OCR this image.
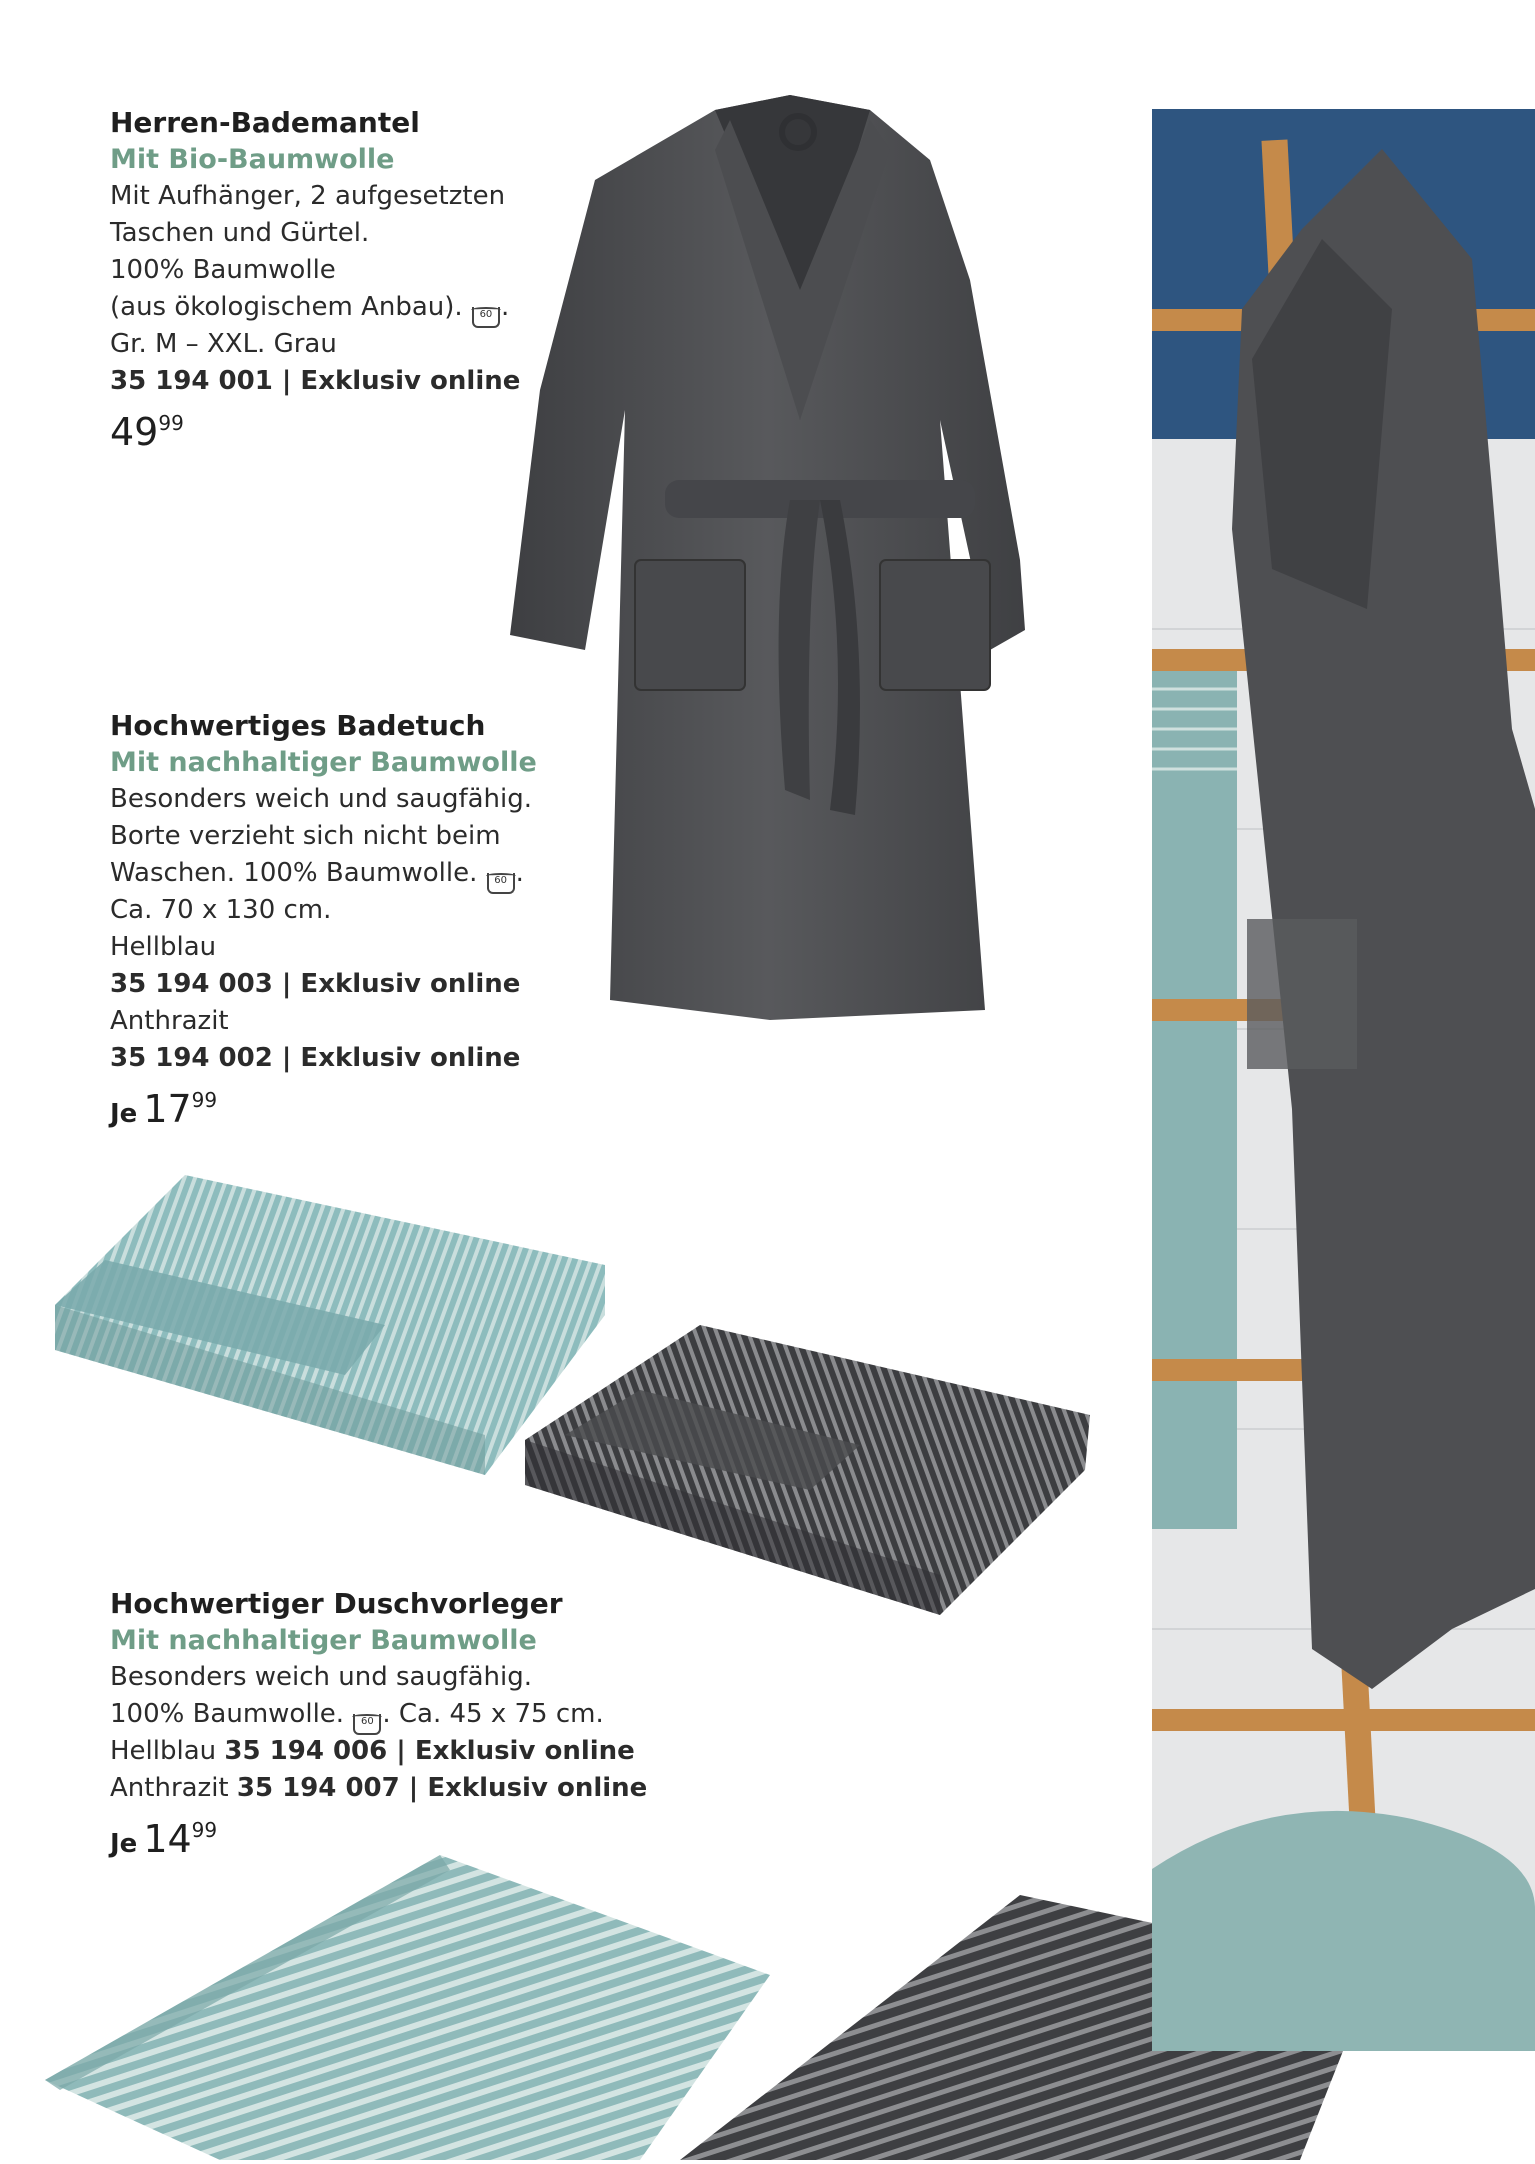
Herren-Bademantel
Mit Bio-Baumwolle
Mit Aufhänger, 2 aufgesetzten
Taschen und Gürtel.
100% Baumwolle
(aus ökologischem Anbau). 60 .
Gr. M – XXL. Grau
35 194 001 | Exklusiv online
4999
Hochwertiges Badetuch
Mit nachhaltiger Baumwolle
Besonders weich und saugfähig.
Borte verzieht sich nicht beim
Waschen. 100% Baumwolle. 60 .
Ca. 70 x 130 cm.
Hellblau
35 194 003 | Exklusiv online
Anthrazit
35 194 002 | Exklusiv online
Je 1799
Hochwertiger Duschvorleger
Mit nachhaltiger Baumwolle
Besonders weich und saugfähig.
100% Baumwolle. 60 . Ca. 45 x 75 cm.
Hellblau 35 194 006 | Exklusiv online
Anthrazit 35 194 007 | Exklusiv online
Je 1499
